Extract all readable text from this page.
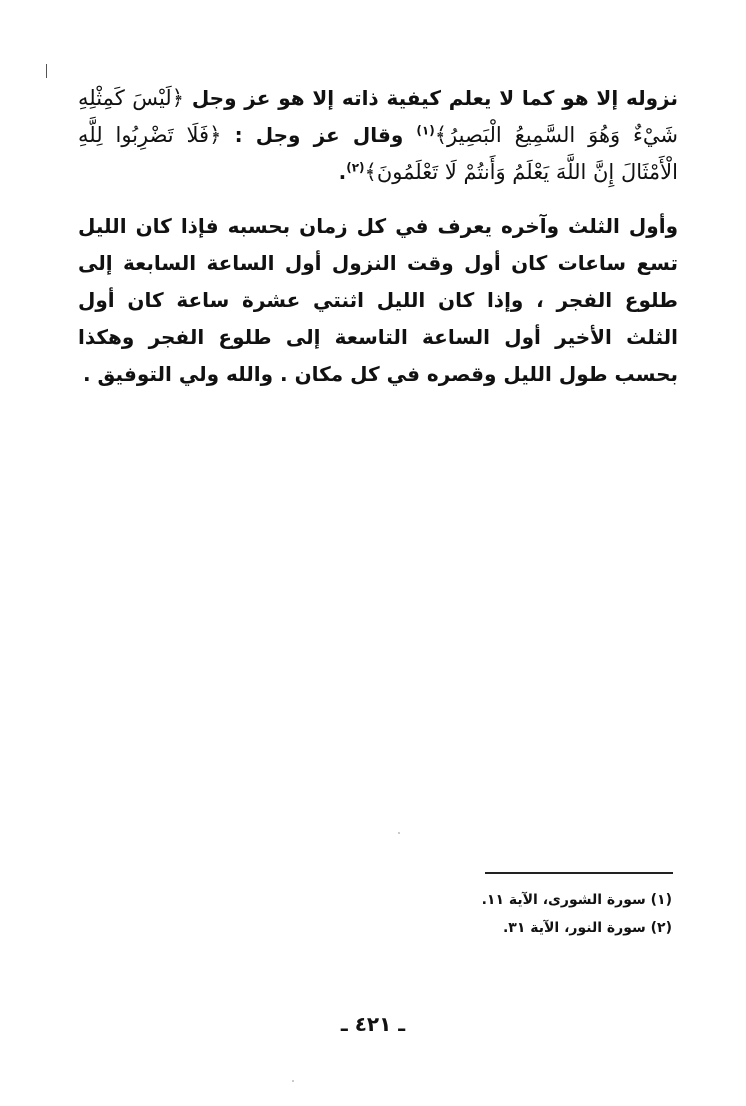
نزوله إلا هو كما لا يعلم كيفية ذاته إلا هو عز وجل ﴿لَيْسَ كَمِثْلِهِ شَيْءٌ وَهُوَ السَّمِيعُ الْبَصِيرُ﴾$^{(١)}$ وقال عز وجل : ﴿فَلَا تَضْرِبُوا لِلَّهِ الْأَمْثَالَ إِنَّ اللَّهَ يَعْلَمُ وَأَنتُمْ لَا تَعْلَمُونَ﴾$^{(٢)}$.

وأول الثلث وآخره يعرف في كل زمان بحسبه فإذا كان الليل تسع ساعات كان أول وقت النزول أول الساعة السابعة إلى طلوع الفجر ، وإذا كان الليل اثنتي عشرة ساعة كان أول الثلث الأخير أول الساعة التاسعة إلى طلوع الفجر وهكذا بحسب طول الليل وقصره في كل مكان . والله ولي التوفيق .

(١) سورة الشورى، الآية ١١.

(٢) سورة النور، الآية ٣١.

ـ ٤٢١ ـ
